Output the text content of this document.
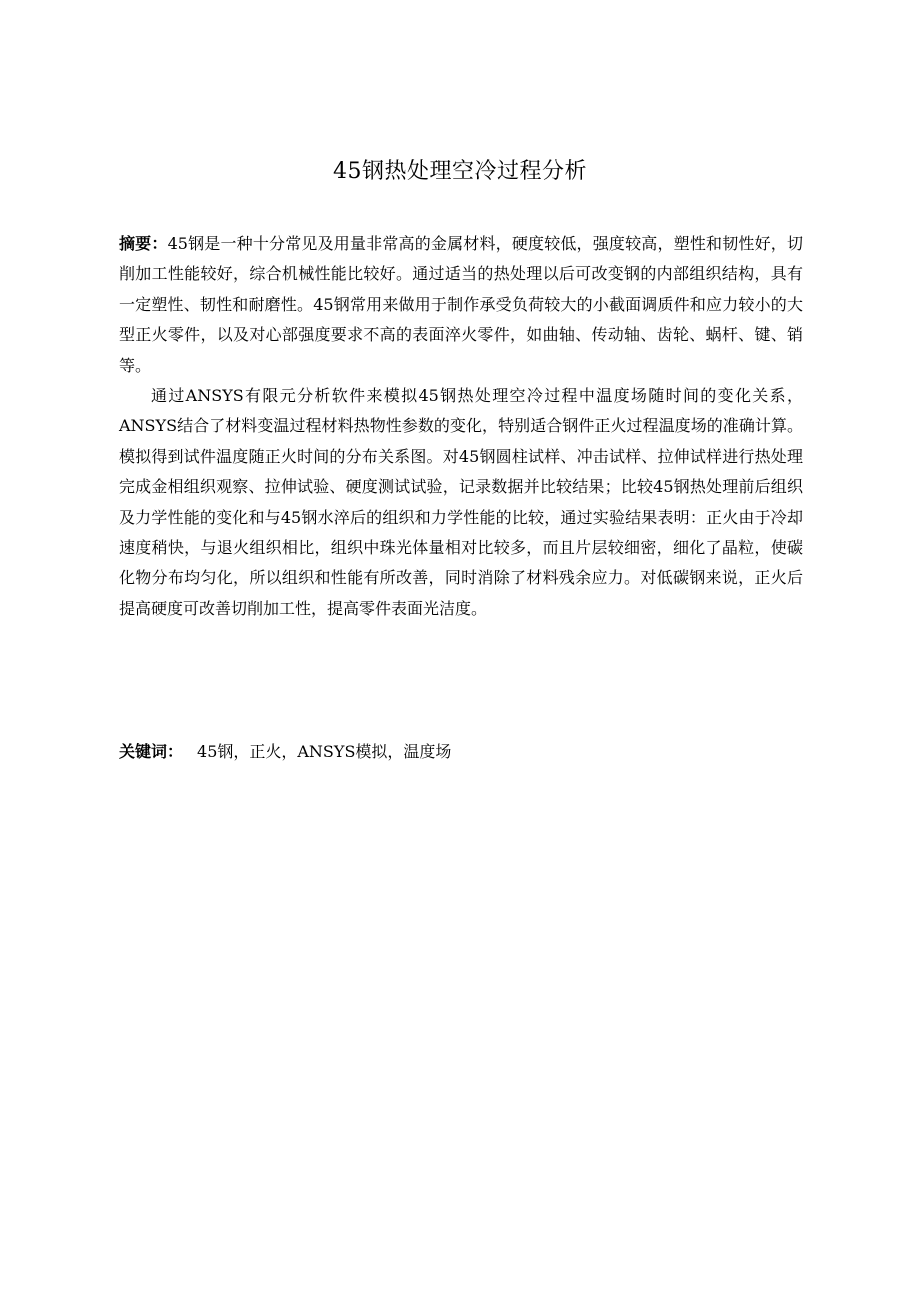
45钢热处理空冷过程分析

摘要：45钢是一种十分常见及用量非常高的金属材料，硬度较低，强度较高，塑性和韧性好，切削加工性能较好，综合机械性能比较好。通过适当的热处理以后可改变钢的内部组织结构，具有一定塑性、韧性和耐磨性。45钢常用来做用于制作承受负荷较大的小截面调质件和应力较小的大型正火零件，以及对心部强度要求不高的表面淬火零件，如曲轴、传动轴、齿轮、蜗杆、键、销等。

通过ANSYS有限元分析软件来模拟45钢热处理空冷过程中温度场随时间的变化关系，ANSYS结合了材料变温过程材料热物性参数的变化，特别适合钢件正火过程温度场的准确计算。模拟得到试件温度随正火时间的分布关系图。对45钢圆柱试样、冲击试样、拉伸试样进行热处理完成金相组织观察、拉伸试验、硬度测试试验，记录数据并比较结果；比较45钢热处理前后组织及力学性能的变化和与45钢水淬后的组织和力学性能的比较，通过实验结果表明：正火由于冷却速度稍快，与退火组织相比，组织中珠光体量相对比较多，而且片层较细密，细化了晶粒，使碳化物分布均匀化，所以组织和性能有所改善，同时消除了材料残余应力。对低碳钢来说，正火后提高硬度可改善切削加工性，提高零件表面光洁度。

关键词： 45钢，正火，ANSYS模拟，温度场
